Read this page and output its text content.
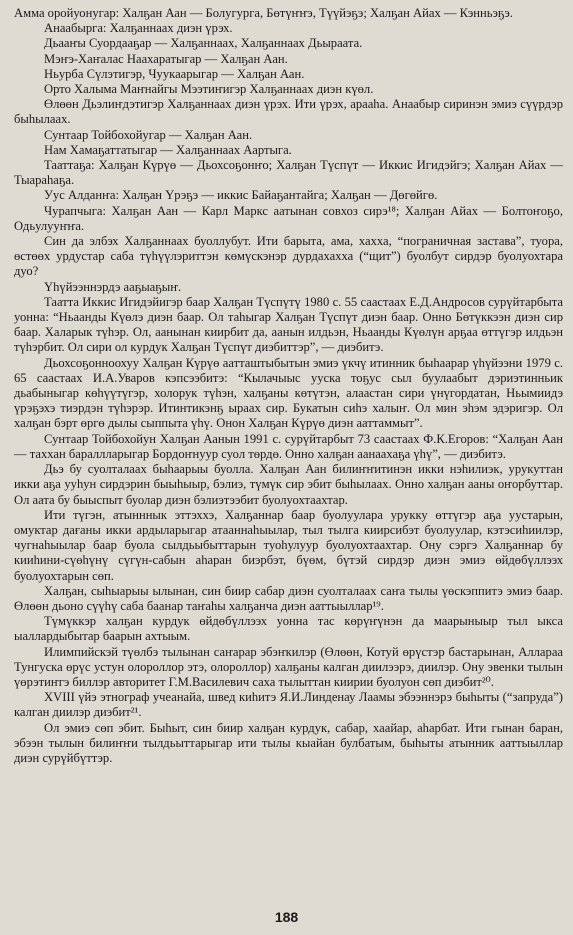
Амма оройуонугар: Халҕан Аан — Болугурга, Бөтүҥҥэ, Түүйэҕэ; Халҕан Айах — Кэнньэҕэ.

Анаабырга: Халҕаннаах диэн үрэх.

Дьааҥы Суордааҕар — Халҕаннаах, Халҕаннаах Дьыраата.

Мэҥэ-Хаҥалас Наахаратыгар — Халҕан Аан.

Ньурба Сүлэтигэр, Чуукаарыгар — Халҕан Аан.

Орто Халыма Маҥнайгы Мээтиҥигэр Халҕаннаах диэн күөл.

Өлөөн Дьэлиҥдэтигэр Халҕаннаах диэн үрэх. Ити үрэх, арааһа. Анаабыр сиринэн эмиэ сүүрдэр быһылаах.

Сунтаар Тойбохойугар — Халҕан Аан.

Нам Хамаҕаттатыгар — Халҕаннаах Аартыга.

Тааттаҕа: Халҕан Күрүө — Дьохсоҕонҥо; Халҕан Түспүт — Иккис Игидэйгэ; Халҕан Айах — Тыараһаҕа.

Уус Алданҥа: Халҕан Үрэҕэ — иккис Байаҕантайга; Халҕан — Дөгөйгө.

Чурапчыга: Халҕан Аан — Карл Маркс аатынан совхоз сирэ¹⁸; Халҕан Айах — Болтоҥоҕо, Одьулууҥҥа.

Син да элбэх Халҕаннаах буоллубут. Ити барыта, ама, хахха, “пограничная застава”, туора, өстөөх урдустар саба түһүүлэриттэн көмүскэнэр дурдахахха (“щит”) буолбут сирдэр буолуохтара дуо?

Үһүйээннэрдэ ааҕыаҕыҥ.

Таатта Иккис Игидэйигэр баар Халҕан Түспүтү 1980 с. 55 саастаах Е.Д.Андросов сурүйтарбыта уонна: “Ньаанды Күөлэ диэн баар. Ол таһыгар Халҕан Түспүт диэн баар. Онно Бөтүккээн диэн сир баар. Халарык түһэр. Ол, аанынан киирбит да, аанын илдьэн, Ньаанды Күөлүн арҕаа өттүгэр илдьэн түһэрбит. Ол сири ол курдук Халҕан Түспүт диэбиттэр”, — диэбитэ.

Дьохсоҕонноохуу Халҕан Күрүө аатташтыбытын эмиэ үкчү итинник быһаарар үһүйээни 1979 с. 65 саастаах И.А.Уваров кэпсээбитэ: “Кылачыыс ууска тоҕус сыл буулаабыт дэриэтинньик дьабыныгар көһүүтүгэр, холорук түһэн, халҕаны көтүтэн, алаастан сири үнүгордатан, Ньымиидэ үрэҕэхэ тиэрдэн түһэрэр. Итинтикэнҕ ыраах сир. Букатын сиһэ халыҥ. Ол мин эһэм эдэригэр. Ол халҕан бэрт өргө дылы сыппыта үһү. Онон Халҕан Күрүө диэн ааттаммыт”.

Сунтаар Тойбохойун Халҕан Аанын 1991 с. сурүйтарбыт 73 саастаах Ф.К.Егоров: “Халҕан Аан — таххан бараллларыгар Бордоҥнуур суол төрдө. Онно халҕан аанаахаҕа үһү”, — диэбитэ.

Дьэ бу суолталаах быһаарыы буолла. Халҕан Аан билиҥҥитинэн икки нэһилиэк, урукуттан икки аҕа ууһун сирдэрин быыһыыр, бэлиэ, түмүк сир эбит быһылаах. Онно халҕан ааны оҥорбуттар. Ол аата бу быыспыт буолар диэн бэлиэтээбит буолуохтаахтар.

Ити түгэн, атынннык эттэххэ, Халҕаннар баар буолуулара урукку өттүгэр аҕа уустарын, омуктар дағаны икки ардыларыгар атааннаһыылар, тыл тылга киирсибэт буолуулар, кэтэсиһиилэр, чугнаһыылар баар буола сылдьыбыттарын туоһулуур буолуохтаахтар. Ону сэргэ Халҕаннар бу кииһини-сүөһүнү сүгүн-сабын аһаран биэрбэт, бүөм, бүтэй сирдэр диэн эмиэ өйдөбүллээх буолуохтарын сөп.

Халҕан, сыһыарыы ылынан, син биир сабар диэн суолталаах саҥа тылы үөскэппитэ эмиэ баар. Өлөөн дьоно сүүһү саба баанар таҥаһы халҕанча диэн ааттыыллар¹⁹.

Түмүккэр халҕан курдук өйдөбүллээх уонна тас көрүҥүнэн да маарыныыр тыл ыкса ыаллардыбытар баарын ахтыым.

Илимпийскэй түөлбэ тылынан саҥарар эбэҥкилэр (Өлөөн, Котуй өрүстэр бастарынан, Аллараа Тунгуска өрүс устун олороллор этэ, олороллор) халҕаны калган диилээрэ, диилэр. Ону эвенки тылын үөрэтиҥгэ биллэр авторитет Г.М.Василевич саха тылыттан киирии буолуон сөп диэбит²⁰.

XVIII үйэ этнограф учеанайа, швед киһитэ Я.И.Линденау Лаамы эбээннэрэ быһыты (“запруда”) калган диилэр диэбит²¹.

Ол эмиэ сөп эбит. Быһыт, син биир халҕан курдук, сабар, хаайар, аһарбат. Ити гынан баран, эбээн тылын билиҥҥи тылдьыттарыгар ити тылы кыайан булбатым, быһыты атынник ааттыыллар диэн сурүйбүттэр.

188
